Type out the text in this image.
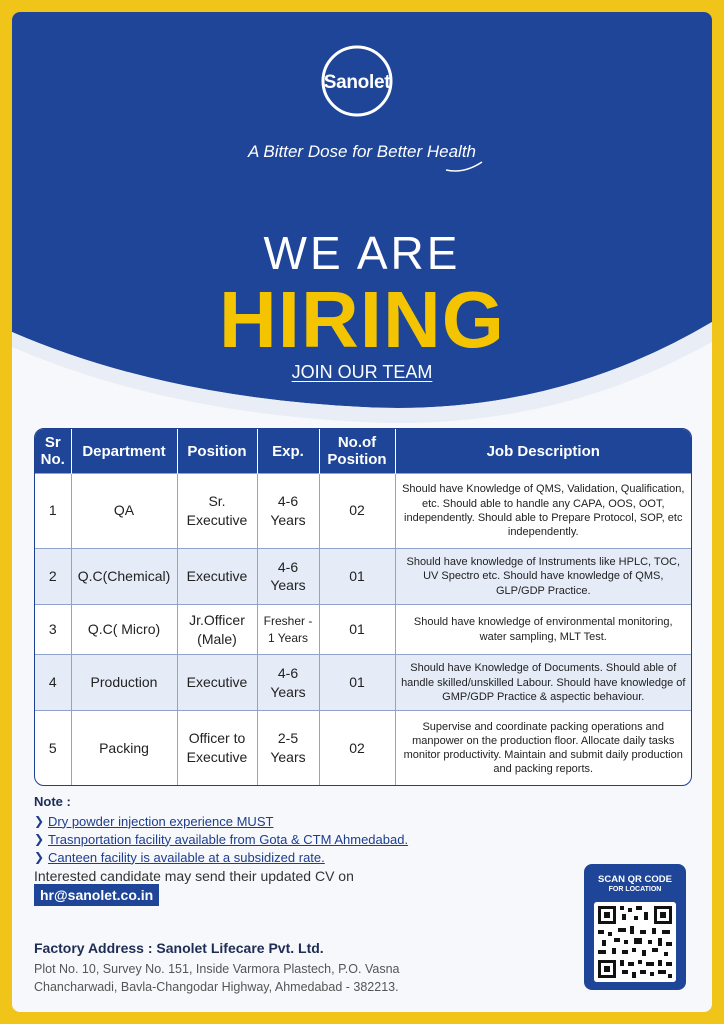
Sanolet
A Bitter Dose for Better Health
WE ARE
HIRING
JOIN OUR TEAM
Sr No.	Department	Position	Exp.	No.of Position	Job Description
1	QA	Sr. Executive	4-6 Years	02	Should have Knowledge of QMS, Validation, Qualification, etc. Should able to handle any CAPA, OOS, OOT, independently. Should able to Prepare Protocol, SOP, etc independently.
2	Q.C(Chemical)	Executive	4-6 Years	01	Should have knowledge of Instruments like HPLC, TOC, UV Spectro etc. Should have knowledge of QMS, GLP/GDP Practice.
3	Q.C( Micro)	Jr.Officer (Male)	Fresher - 1 Years	01	Should have knowledge of environmental monitoring, water sampling, MLT Test.
4	Production	Executive	4-6 Years	01	Should have Knowledge of Documents. Should able of handle skilled/unskilled Labour. Should have knowledge of GMP/GDP Practice & aspectic behaviour.
5	Packing	Officer to Executive	2-5 Years	02	Supervise and coordinate packing operations and manpower on the production floor. Allocate daily tasks monitor productivity. Maintain and submit daily production and packing reports.
Note :
❯ Dry powder injection experience MUST
❯ Trasnportation facility available from Gota & CTM Ahmedabad.
❯ Canteen facility is available at a subsidized rate.
Interested candidate may send their updated CV on
hr@sanolet.co.in
Factory Address : Sanolet Lifecare Pvt. Ltd.
Plot No. 10, Survey No. 151, Inside Varmora Plastech, P.O. Vasna
Chancharwadi, Bavla-Changodar Highway, Ahmedabad - 382213.
SCAN QR CODE
FOR LOCATION
